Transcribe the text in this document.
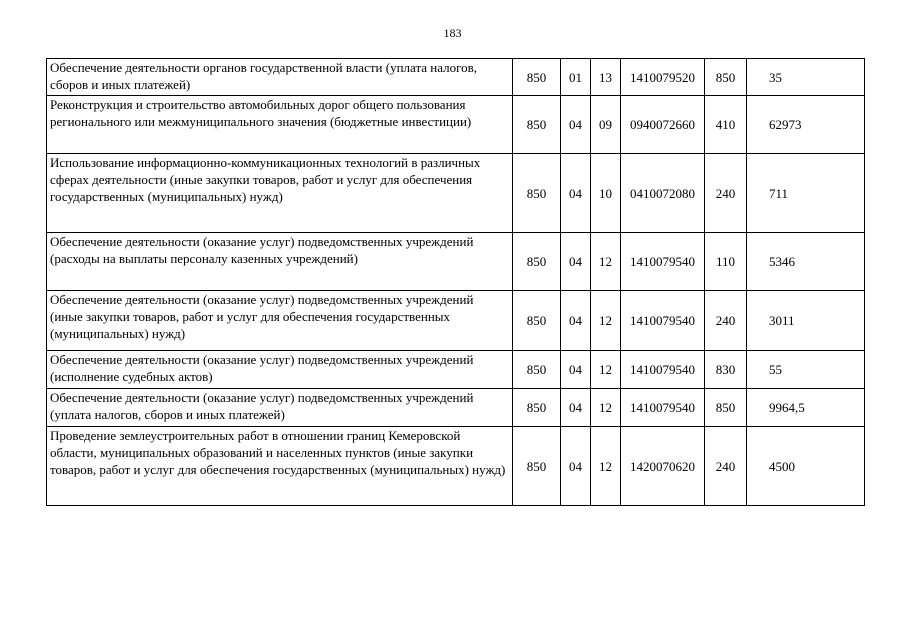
183
Обеспечение деятельности органов государственной власти (уплата налогов, сборов и иных платежей)	850	01	13	1410079520	850	35
Реконструкция и строительство автомобильных дорог общего пользования регионального или межмуниципального значения (бюджетные инвестиции)	850	04	09	0940072660	410	62973
Использование информационно-коммуникационных технологий в различных сферах деятельности (иные закупки товаров, работ и услуг для обеспечения государственных (муниципальных) нужд)	850	04	10	0410072080	240	711
Обеспечение деятельности (оказание услуг) подведомственных учреждений (расходы на выплаты персоналу казенных учреждений)	850	04	12	1410079540	110	5346
Обеспечение деятельности (оказание услуг) подведомственных учреждений (иные закупки товаров, работ и услуг для обеспечения государственных (муниципальных) нужд)	850	04	12	1410079540	240	3011
Обеспечение деятельности (оказание услуг) подведомственных учреждений (исполнение судебных актов)	850	04	12	1410079540	830	55
Обеспечение деятельности (оказание услуг) подведомственных учреждений (уплата налогов, сборов и иных платежей)	850	04	12	1410079540	850	9964,5
Проведение землеустроительных работ в отношении границ Кемеровской области, муниципальных образований и населенных пунктов (иные закупки товаров, работ и услуг для обеспечения государственных (муниципальных) нужд)	850	04	12	1420070620	240	4500
